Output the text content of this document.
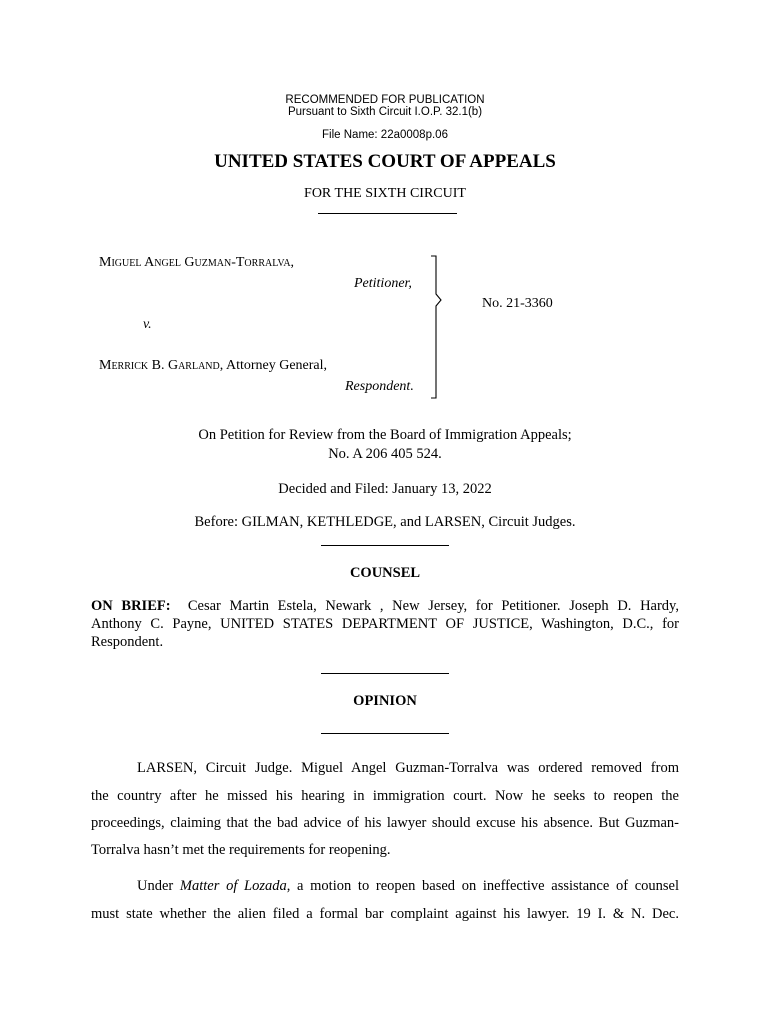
RECOMMENDED FOR PUBLICATION
Pursuant to Sixth Circuit I.O.P. 32.1(b)
File Name: 22a0008p.06
UNITED STATES COURT OF APPEALS
FOR THE SIXTH CIRCUIT
Miguel Angel Guzman-Torralva,
Petitioner,
v.
Merrick B. Garland, Attorney General,
Respondent.
No. 21-3360
On Petition for Review from the Board of Immigration Appeals;
No. A 206 405 524.
Decided and Filed: January 13, 2022
Before: GILMAN, KETHLEDGE, and LARSEN, Circuit Judges.
COUNSEL
ON BRIEF: Cesar Martin Estela, Newark , New Jersey, for Petitioner. Joseph D. Hardy,
Anthony C. Payne, UNITED STATES DEPARTMENT OF JUSTICE, Washington, D.C., for
Respondent.
OPINION
LARSEN, Circuit Judge. Miguel Angel Guzman-Torralva was ordered removed from
the country after he missed his hearing in immigration court. Now he seeks to reopen the
proceedings, claiming that the bad advice of his lawyer should excuse his absence. But Guzman-
Torralva hasn’t met the requirements for reopening.
Under Matter of Lozada, a motion to reopen based on ineffective assistance of counsel
must state whether the alien filed a formal bar complaint against his lawyer. 19 I. & N. Dec.
